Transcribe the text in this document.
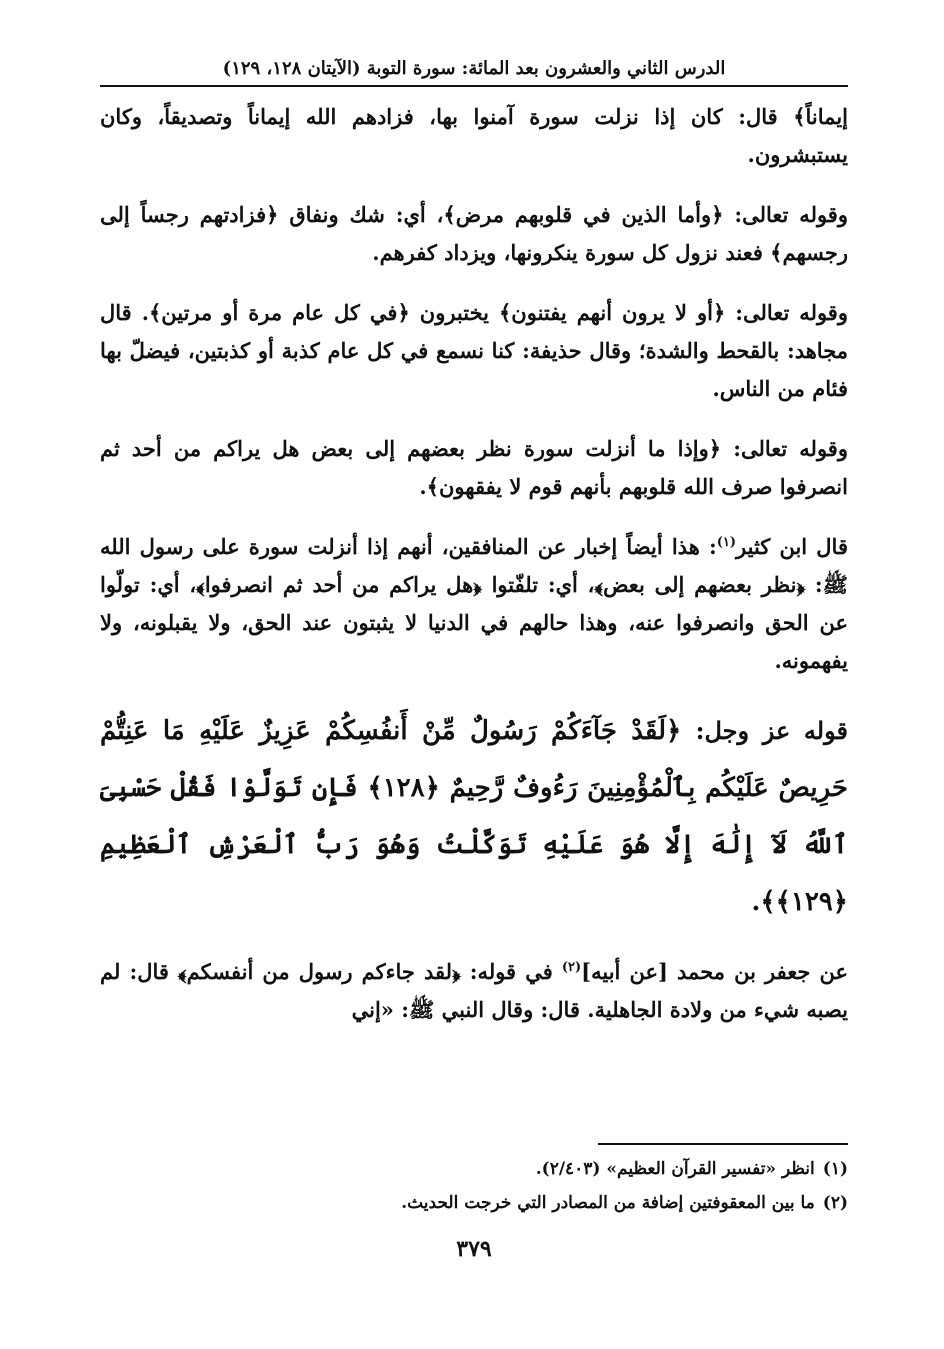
الدرس الثاني والعشرون بعد المائة: سورة التوبة (الآيتان ١٢٨، ١٢٩)

إيماناً﴾ قال: كان إذا نزلت سورة آمنوا بها، فزادهم الله إيماناً وتصديقاً، وكان يستبشرون.

وقوله تعالى: ﴿وأما الذين في قلوبهم مرض﴾، أي: شك ونفاق ﴿فزادتهم رجساً إلى رجسهم﴾ فعند نزول كل سورة ينكرونها، ويزداد كفرهم.

وقوله تعالى: ﴿أو لا يرون أنهم يفتنون﴾ يختبرون ﴿في كل عام مرة أو مرتين﴾. قال مجاهد: بالقحط والشدة؛ وقال حذيفة: كنا نسمع في كل عام كذبة أو كذبتين، فيضلّ بها فئام من الناس.

وقوله تعالى: ﴿وإذا ما أنزلت سورة نظر بعضهم إلى بعض هل يراكم من أحد ثم انصرفوا صرف الله قلوبهم بأنهم قوم لا يفقهون﴾.

قال ابن كثير$^{(١)}$: هذا أيضاً إخبار عن المنافقين، أنهم إذا أنزلت سورة على رسول الله ﷺ: ﴿نظر بعضهم إلى بعض﴾، أي: تلفّتوا ﴿هل يراكم من أحد ثم انصرفوا﴾، أي: تولّوا عن الحق وانصرفوا عنه، وهذا حالهم في الدنيا لا يثبتون عند الحق، ولا يقبلونه، ولا يفهمونه.

قوله عز وجل: ﴿لَقَدْ جَآءَكُمْ رَسُولٌ مِّنْ أَنفُسِكُمْ عَزِيزٌ عَلَيْهِ مَا عَنِتُّمْ حَرِيصٌ عَلَيْكُم بِٱلْمُؤْمِنِينَ رَءُوفٌ رَّحِيمٌ ﴿١٢٨﴾ فَإِن تَوَلَّوْا فَقُلْ حَسْبِىَ ٱللَّهُ لَآ إِلَٰهَ إِلَّا هُوَ عَلَيْهِ تَوَكَّلْتُ وَهُوَ رَبُّ ٱلْعَرْشِ ٱلْعَظِيمِ ﴿١٢٩﴾﴾.

عن جعفر بن محمد [عن أبيه]$^{(٢)}$ في قوله: ﴿لقد جاءكم رسول من أنفسكم﴾ قال: لم يصبه شيء من ولادة الجاهلية. قال: وقال النبي ﷺ: «إني

(١)انظر «تفسير القرآن العظيم» (٢/٤٠٣).

(٢)ما بين المعقوفتين إضافة من المصادر التي خرجت الحديث.

٣٧٩
